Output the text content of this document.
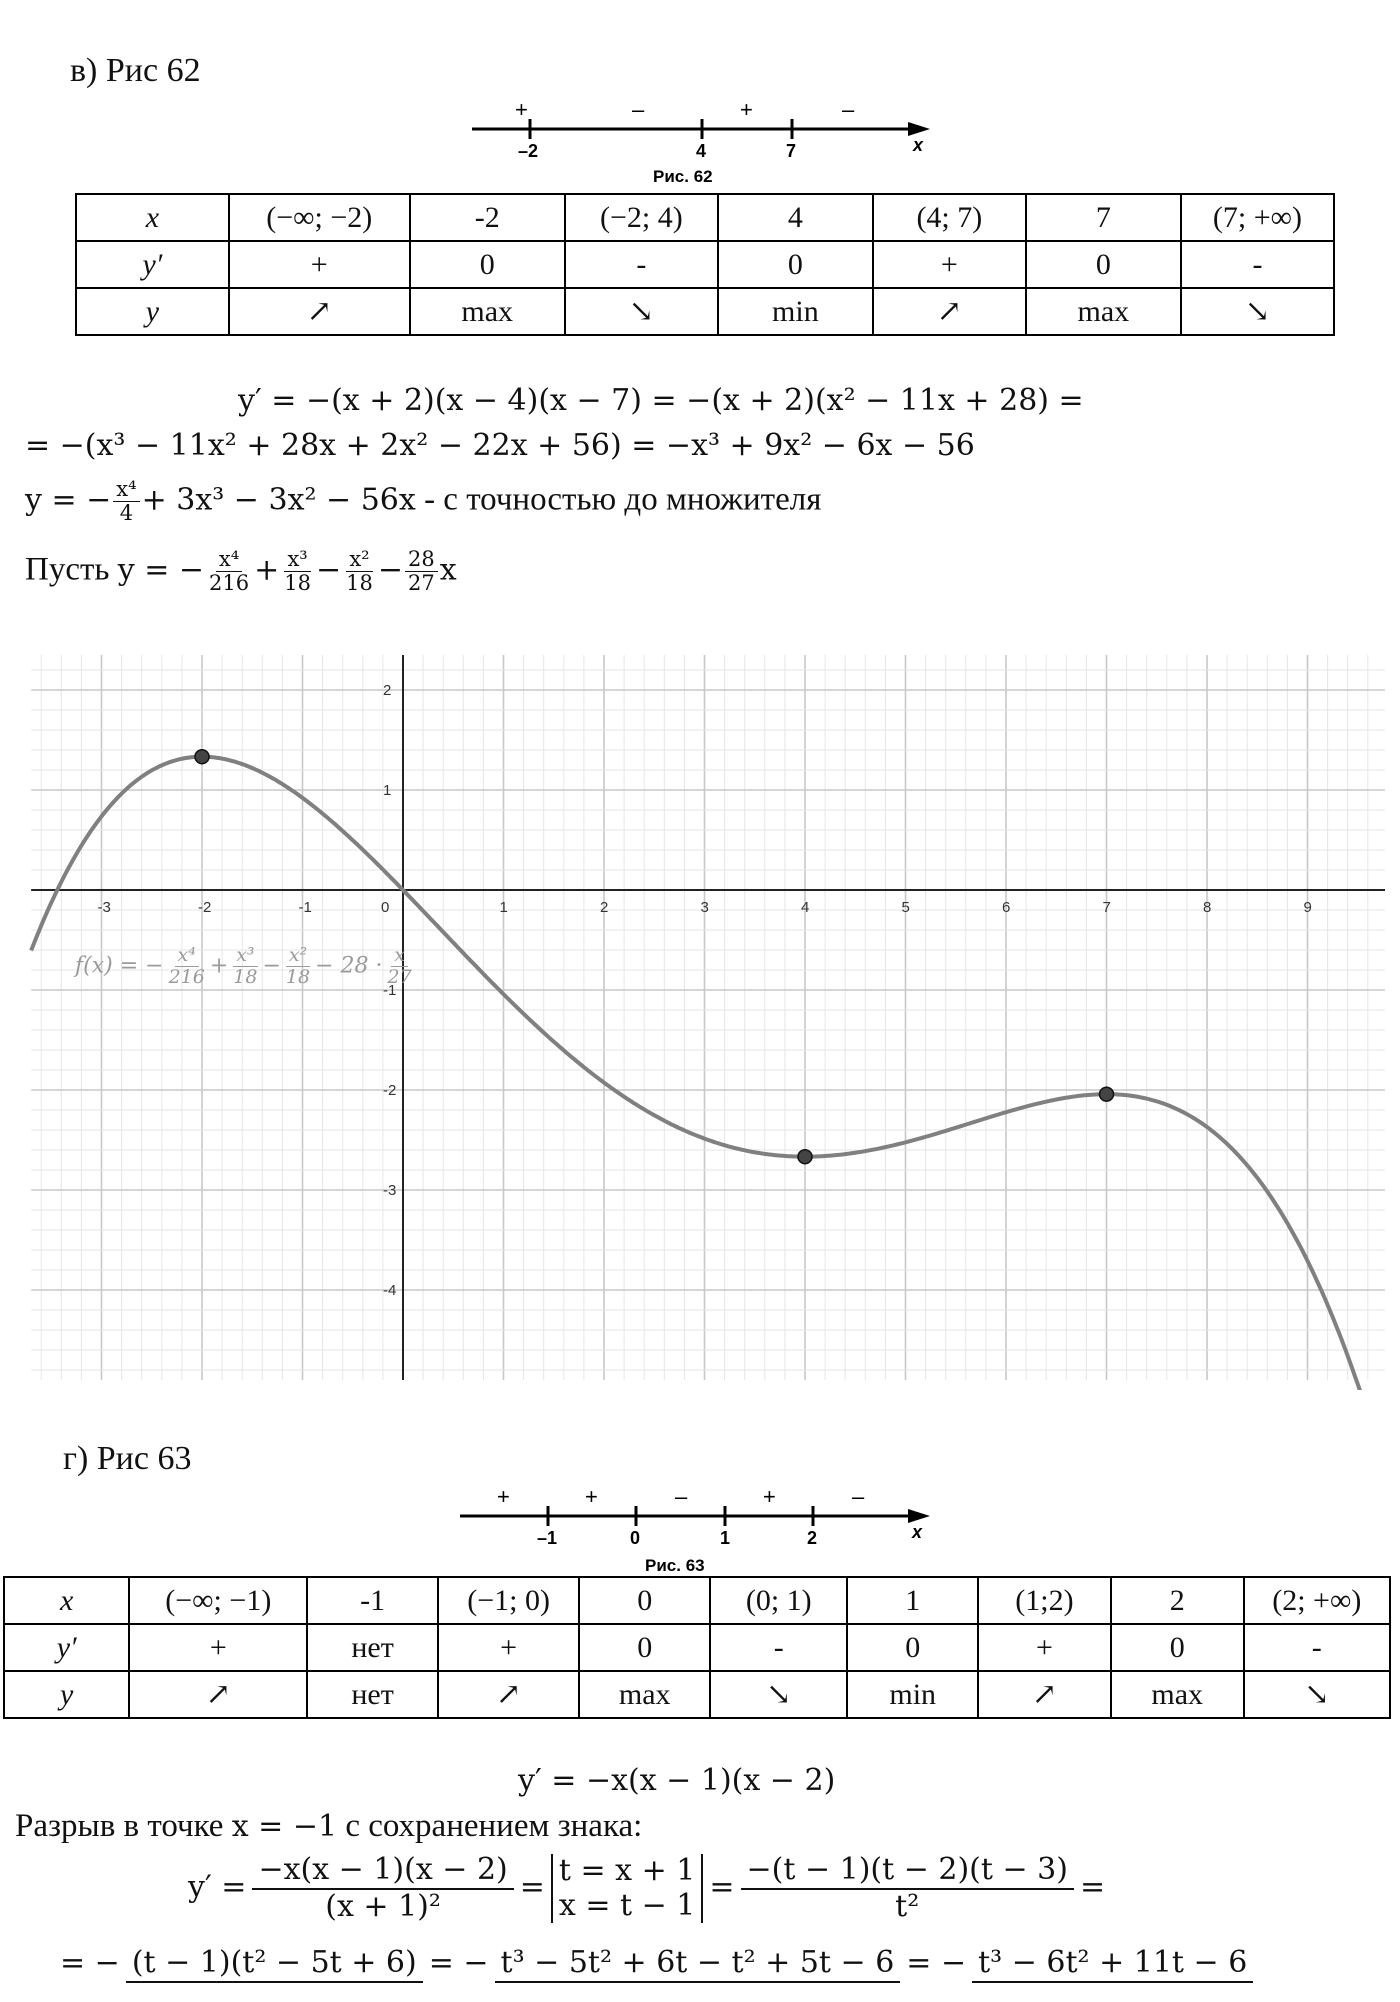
в) Рис 62
+	–	+	–
–2	4	7	x
Рис. 62
x	(−∞; −2)	-2	(−2; 4)	4	(4; 7)	7	(7; +∞)
y′	+	0	-	0	+	0	-
y	↗	max	↘	min	↗	max	↘
y′ = −(x + 2)(x − 4)(x − 7) = −(x + 2)(x² − 11x + 28) =
= −(x³ − 11x² + 28x + 2x² − 22x + 56) = −x³ + 9x² − 6x − 56
y = − $\frac{\text{x⁴}}{4} + 3x^3 - 3x^2 - 56x - с$ точностью до множителя
Пусть y = − $\frac{\text{x⁴}}{216} + \frac{\text{x³}}{18} - \frac{\text{x²}}{18} - \frac{28}{27}$ x
-3	-2	-1	0	1	2	3	4	5	6	7	8	9
2
1
-1
-2
-3
-4
f(x) = − $\frac{\text{x⁴}}{216} + \frac{\text{x³}}{18} - \frac{\text{x²}}{18} - 28 \cdot \frac{x}{27}$
г) Рис 63
+	+	–	+	–
–1	0	1	2	x
Рис. 63
x	(−∞; −1)	-1	(−1; 0)	0	(0; 1)	1	(1;2)	2	(2; +∞)
y′	+	нет	+	0	-	0	+	0	-
y	↗	нет	↗	max	↘	min	↗	max	↘
y′ = −x(x − 1)(x − 2)
Разрыв в точке x = −1 с сохранением знака:
$y' = \frac{-x(x - 1)(x - 2)}{\text{(x + 1)²}} = t = x + 1$
x = t − 1
= $\frac{-(t - 1)(t - 2)(t - 3)}{\text{t²}}$ =
= − (t − 1)(t² − 5t + 6) = − t³ − 5t² + 6t − t² + 5t − 6 = − t³ − 6t² + 11t − 6
